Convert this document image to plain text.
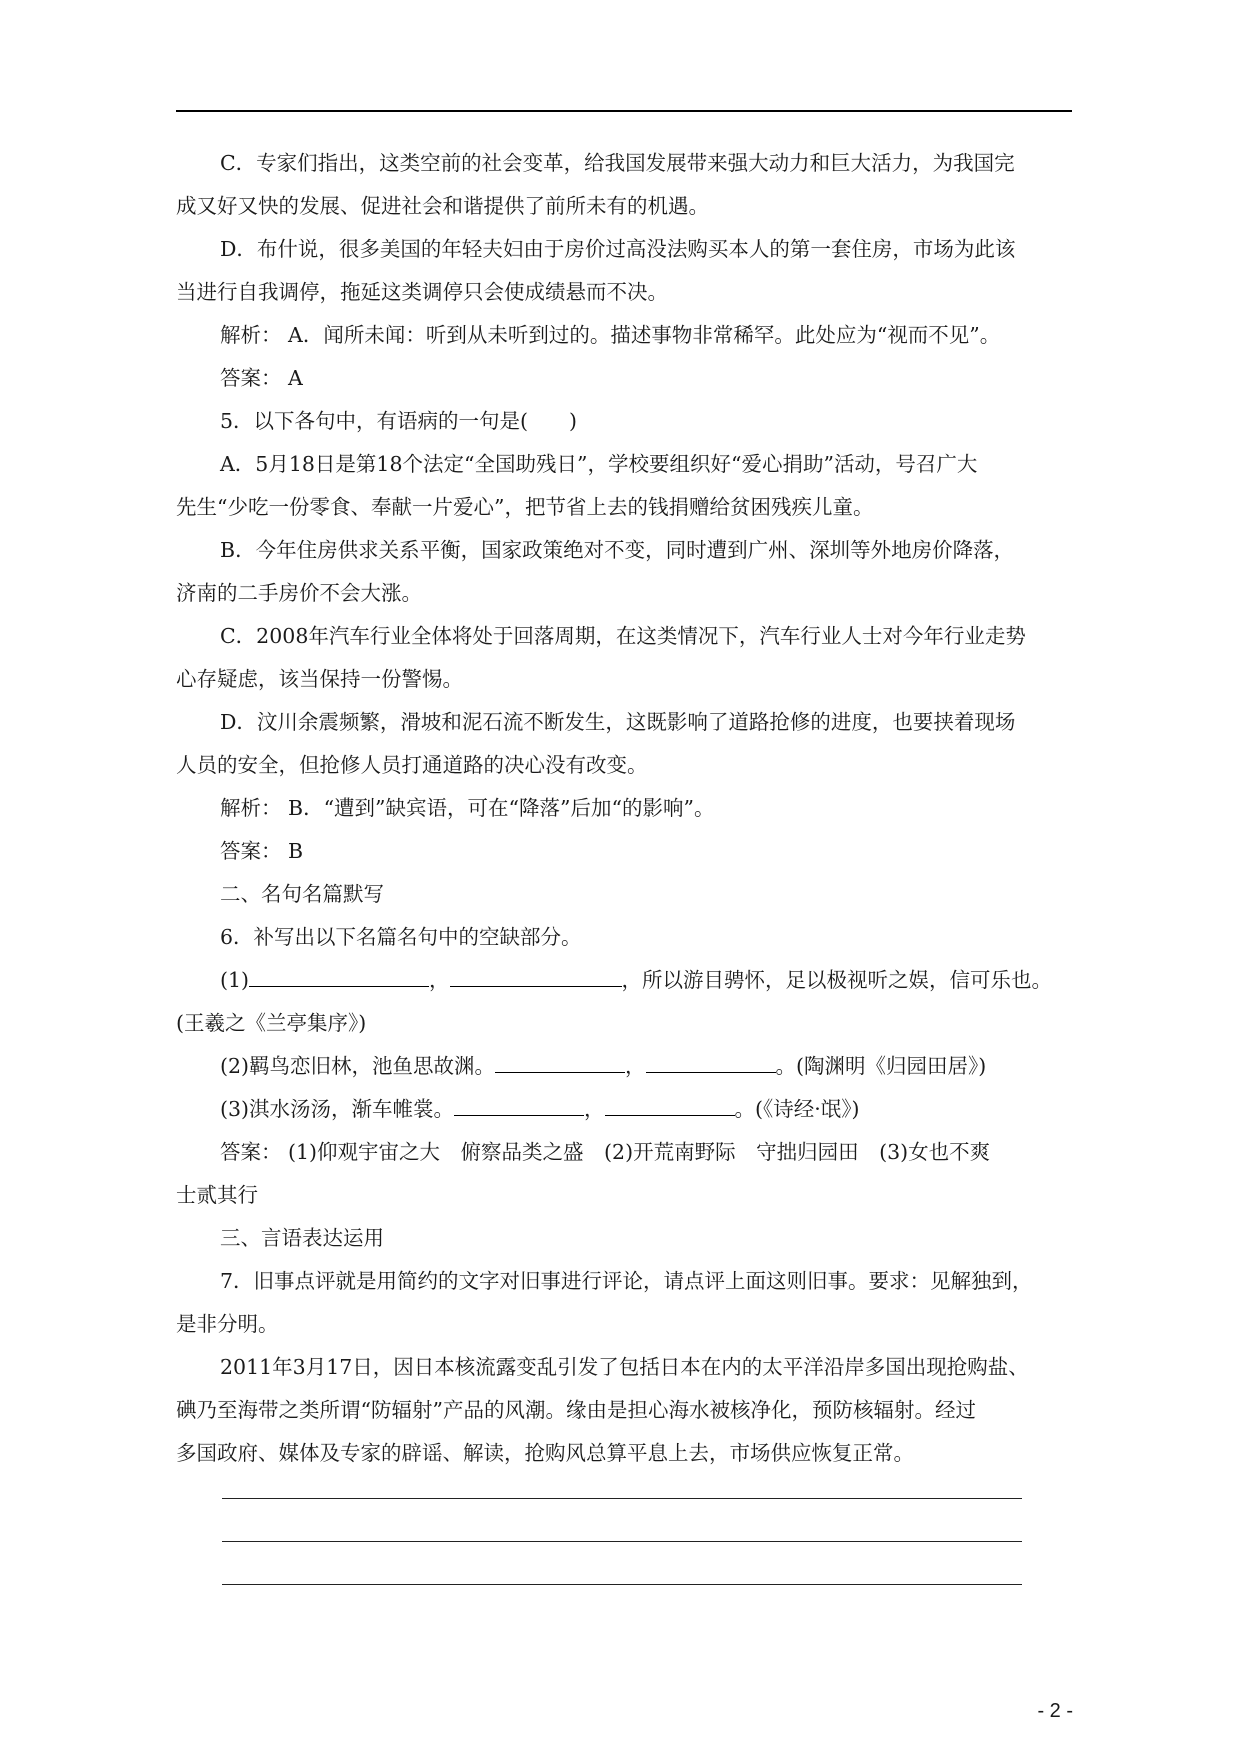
C．专家们指出，这类空前的社会变革，给我国发展带来强大动力和巨大活力，为我国完

成又好又快的发展、促进社会和谐提供了前所未有的机遇。

D．布什说，很多美国的年轻夫妇由于房价过高没法购买本人的第一套住房，市场为此该

当进行自我调停，拖延这类调停只会使成绩悬而不决。

解析： A．闻所未闻：听到从未听到过的。描述事物非常稀罕。此处应为“视而不见”。

答案： A

5．以下各句中，有语病的一句是(　　)

A．5月18日是第18个法定“全国助残日”，学校要组织好“爱心捐助”活动，号召广大

先生“少吃一份零食、奉献一片爱心”，把节省上去的钱捐赠给贫困残疾儿童。

B．今年住房供求关系平衡，国家政策绝对不变，同时遭到广州、深圳等外地房价降落，

济南的二手房价不会大涨。

C．2008年汽车行业全体将处于回落周期，在这类情况下，汽车行业人士对今年行业走势

心存疑虑，该当保持一份警惕。

D．汶川余震频繁，滑坡和泥石流不断发生，这既影响了道路抢修的进度，也要挟着现场

人员的安全，但抢修人员打通道路的决心没有改变。

解析： B．“遭到”缺宾语，可在“降落”后加“的影响”。

答案： B

二、名句名篇默写

6．补写出以下名篇名句中的空缺部分。

(1)	，	，所以游目骋怀，足以极视听之娱，信可乐也。

(王羲之《兰亭集序》)

(2)羁鸟恋旧林，池鱼思故渊。	，	。(陶渊明《归园田居》)

(3)淇水汤汤，渐车帷裳。	，	。(《诗经·氓》)

答案： (1)仰观宇宙之大　俯察品类之盛　(2)开荒南野际　守拙归园田　(3)女也不爽

士贰其行

三、言语表达运用

7．旧事点评就是用简约的文字对旧事进行评论，请点评上面这则旧事。要求：见解独到，

是非分明。

2011年3月17日，因日本核流露变乱引发了包括日本在内的太平洋沿岸多国出现抢购盐、

碘乃至海带之类所谓“防辐射”产品的风潮。缘由是担心海水被核净化，预防核辐射。经过

多国政府、媒体及专家的辟谣、解读，抢购风总算平息上去，市场供应恢复正常。

- 2 -
